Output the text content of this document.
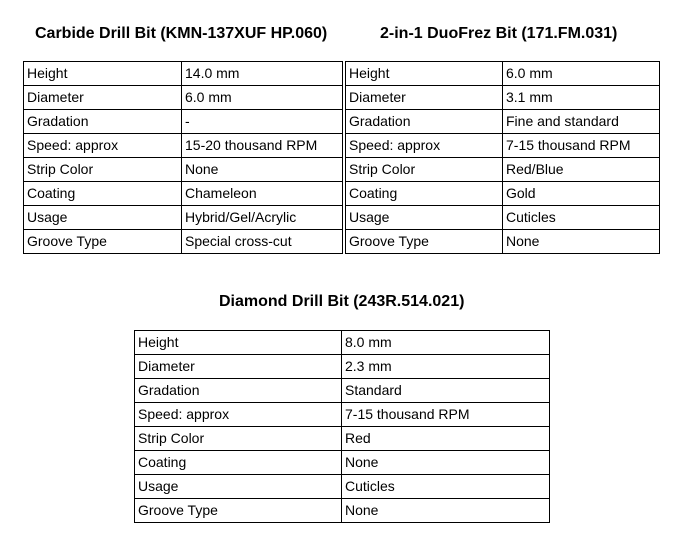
Carbide Drill Bit (KMN-137XUF HP.060)	2-in-1 DuoFrez Bit (171.FM.031)
Diamond Drill Bit (243R.514.021)
Height	14.0 mm
Diameter	6.0 mm
Gradation	-
Speed: approx	15-20 thousand RPM
Strip Color	None
Coating	Chameleon
Usage	Hybrid/Gel/Acrylic
Groove Type	Special cross-cut
Height	6.0 mm
Diameter	3.1 mm
Gradation	Fine and standard
Speed: approx	7-15 thousand RPM
Strip Color	Red/Blue
Coating	Gold
Usage	Cuticles
Groove Type	None
Height	8.0 mm
Diameter	2.3 mm
Gradation	Standard
Speed: approx	7-15 thousand RPM
Strip Color	Red
Coating	None
Usage	Cuticles
Groove Type	None
